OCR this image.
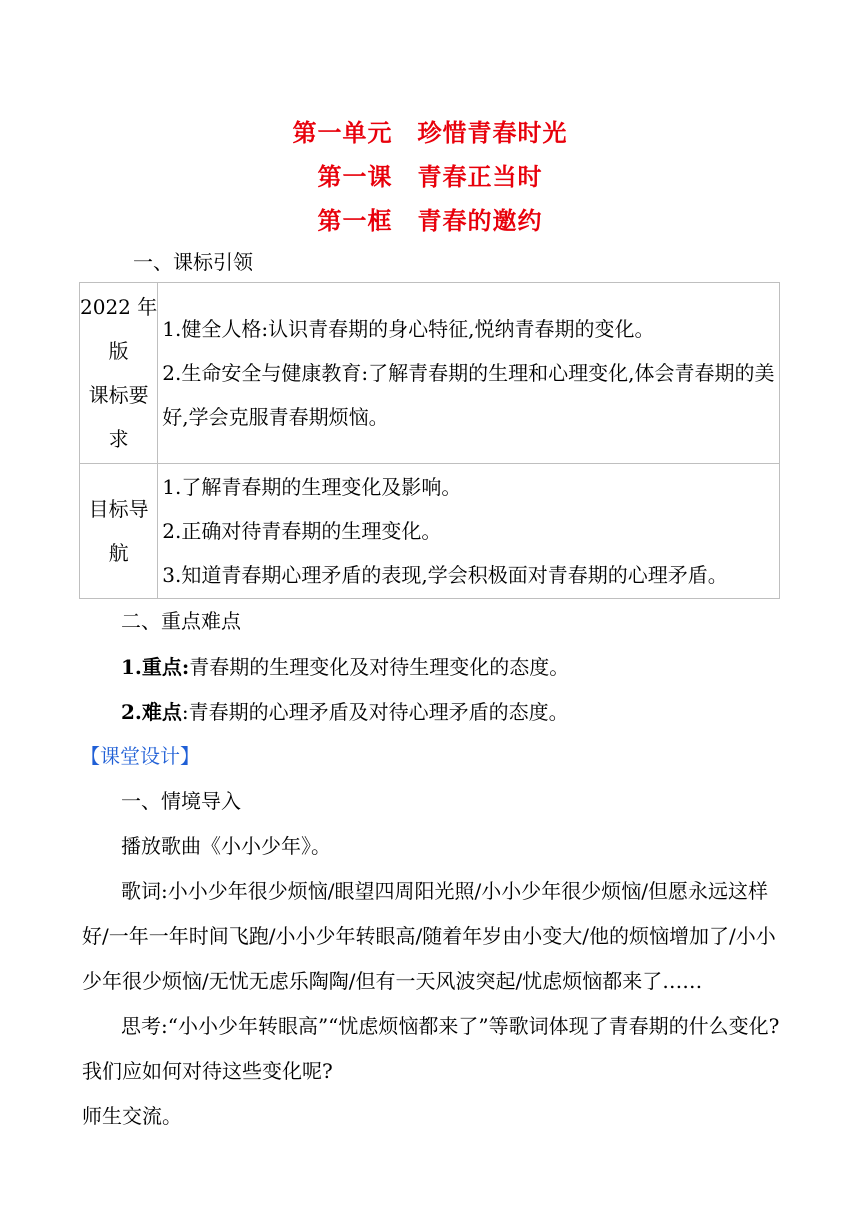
第一单元　珍惜青春时光
第一课　青春正当时
第一框　青春的邀约
一、课标引领
2022 年
版
课标要
求	1.健全人格:认识青春期的身心特征,悦纳青春期的变化。
2.生命安全与健康教育:了解青春期的生理和心理变化,体会青春期的美
好,学会克服青春期烦恼。

目标导
航	1.了解青春期的生理变化及影响。
2.正确对待青春期的生理变化。
3.知道青春期心理矛盾的表现,学会积极面对青春期的心理矛盾。
二、重点难点
1.重点:青春期的生理变化及对待生理变化的态度。
2.难点:青春期的心理矛盾及对待心理矛盾的态度。
【课堂设计】
一、情境导入
播放歌曲《小小少年》。
歌词:小小少年很少烦恼/眼望四周阳光照/小小少年很少烦恼/但愿永远这样
好/一年一年时间飞跑/小小少年转眼高/随着年岁由小变大/他的烦恼增加了/小小
少年很少烦恼/无忧无虑乐陶陶/但有一天风波突起/忧虑烦恼都来了……
思考:“小小少年转眼高”“忧虑烦恼都来了”等歌词体现了青春期的什么变化?
我们应如何对待这些变化呢?
师生交流。
